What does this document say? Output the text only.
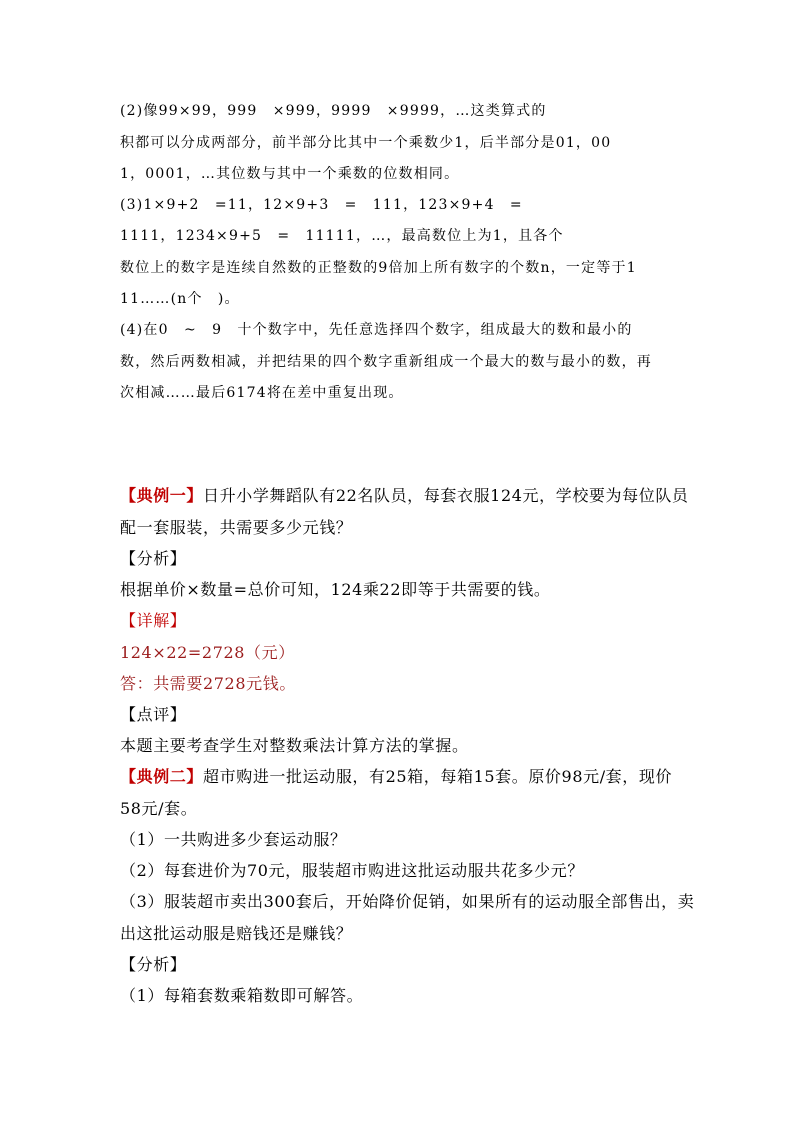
(2)像99×99，999　×999，9999　×9999，…这类算式的
积都可以分成两部分，前半部分比其中一个乘数少1，后半部分是01，00
1，0001，…其位数与其中一个乘数的位数相同。
(3)1×9+2　=11，12×9+3　=　111，123×9+4　=
1111，1234×9+5　=　11111，…，最高数位上为1，且各个
数位上的数字是连续自然数的正整数的9倍加上所有数字的个数n，一定等于1
11……(n个　)。
(4)在0　~　9　十个数字中，先任意选择四个数字，组成最大的数和最小的
数，然后两数相减，并把结果的四个数字重新组成一个最大的数与最小的数，再
次相减……最后6174将在差中重复出现。
【典例一】日升小学舞蹈队有22名队员，每套衣服124元，学校要为每位队员
配一套服装，共需要多少元钱？
【分析】
根据单价×数量=总价可知，124乘22即等于共需要的钱。
【详解】
124×22=2728（元）
答：共需要2728元钱。
【点评】
本题主要考查学生对整数乘法计算方法的掌握。
【典例二】超市购进一批运动服，有25箱，每箱15套。原价98元/套，现价
58元/套。
（1）一共购进多少套运动服？
（2）每套进价为70元，服装超市购进这批运动服共花多少元？
（3）服装超市卖出300套后，开始降价促销，如果所有的运动服全部售出，卖
出这批运动服是赔钱还是赚钱？
【分析】
（1）每箱套数乘箱数即可解答。
